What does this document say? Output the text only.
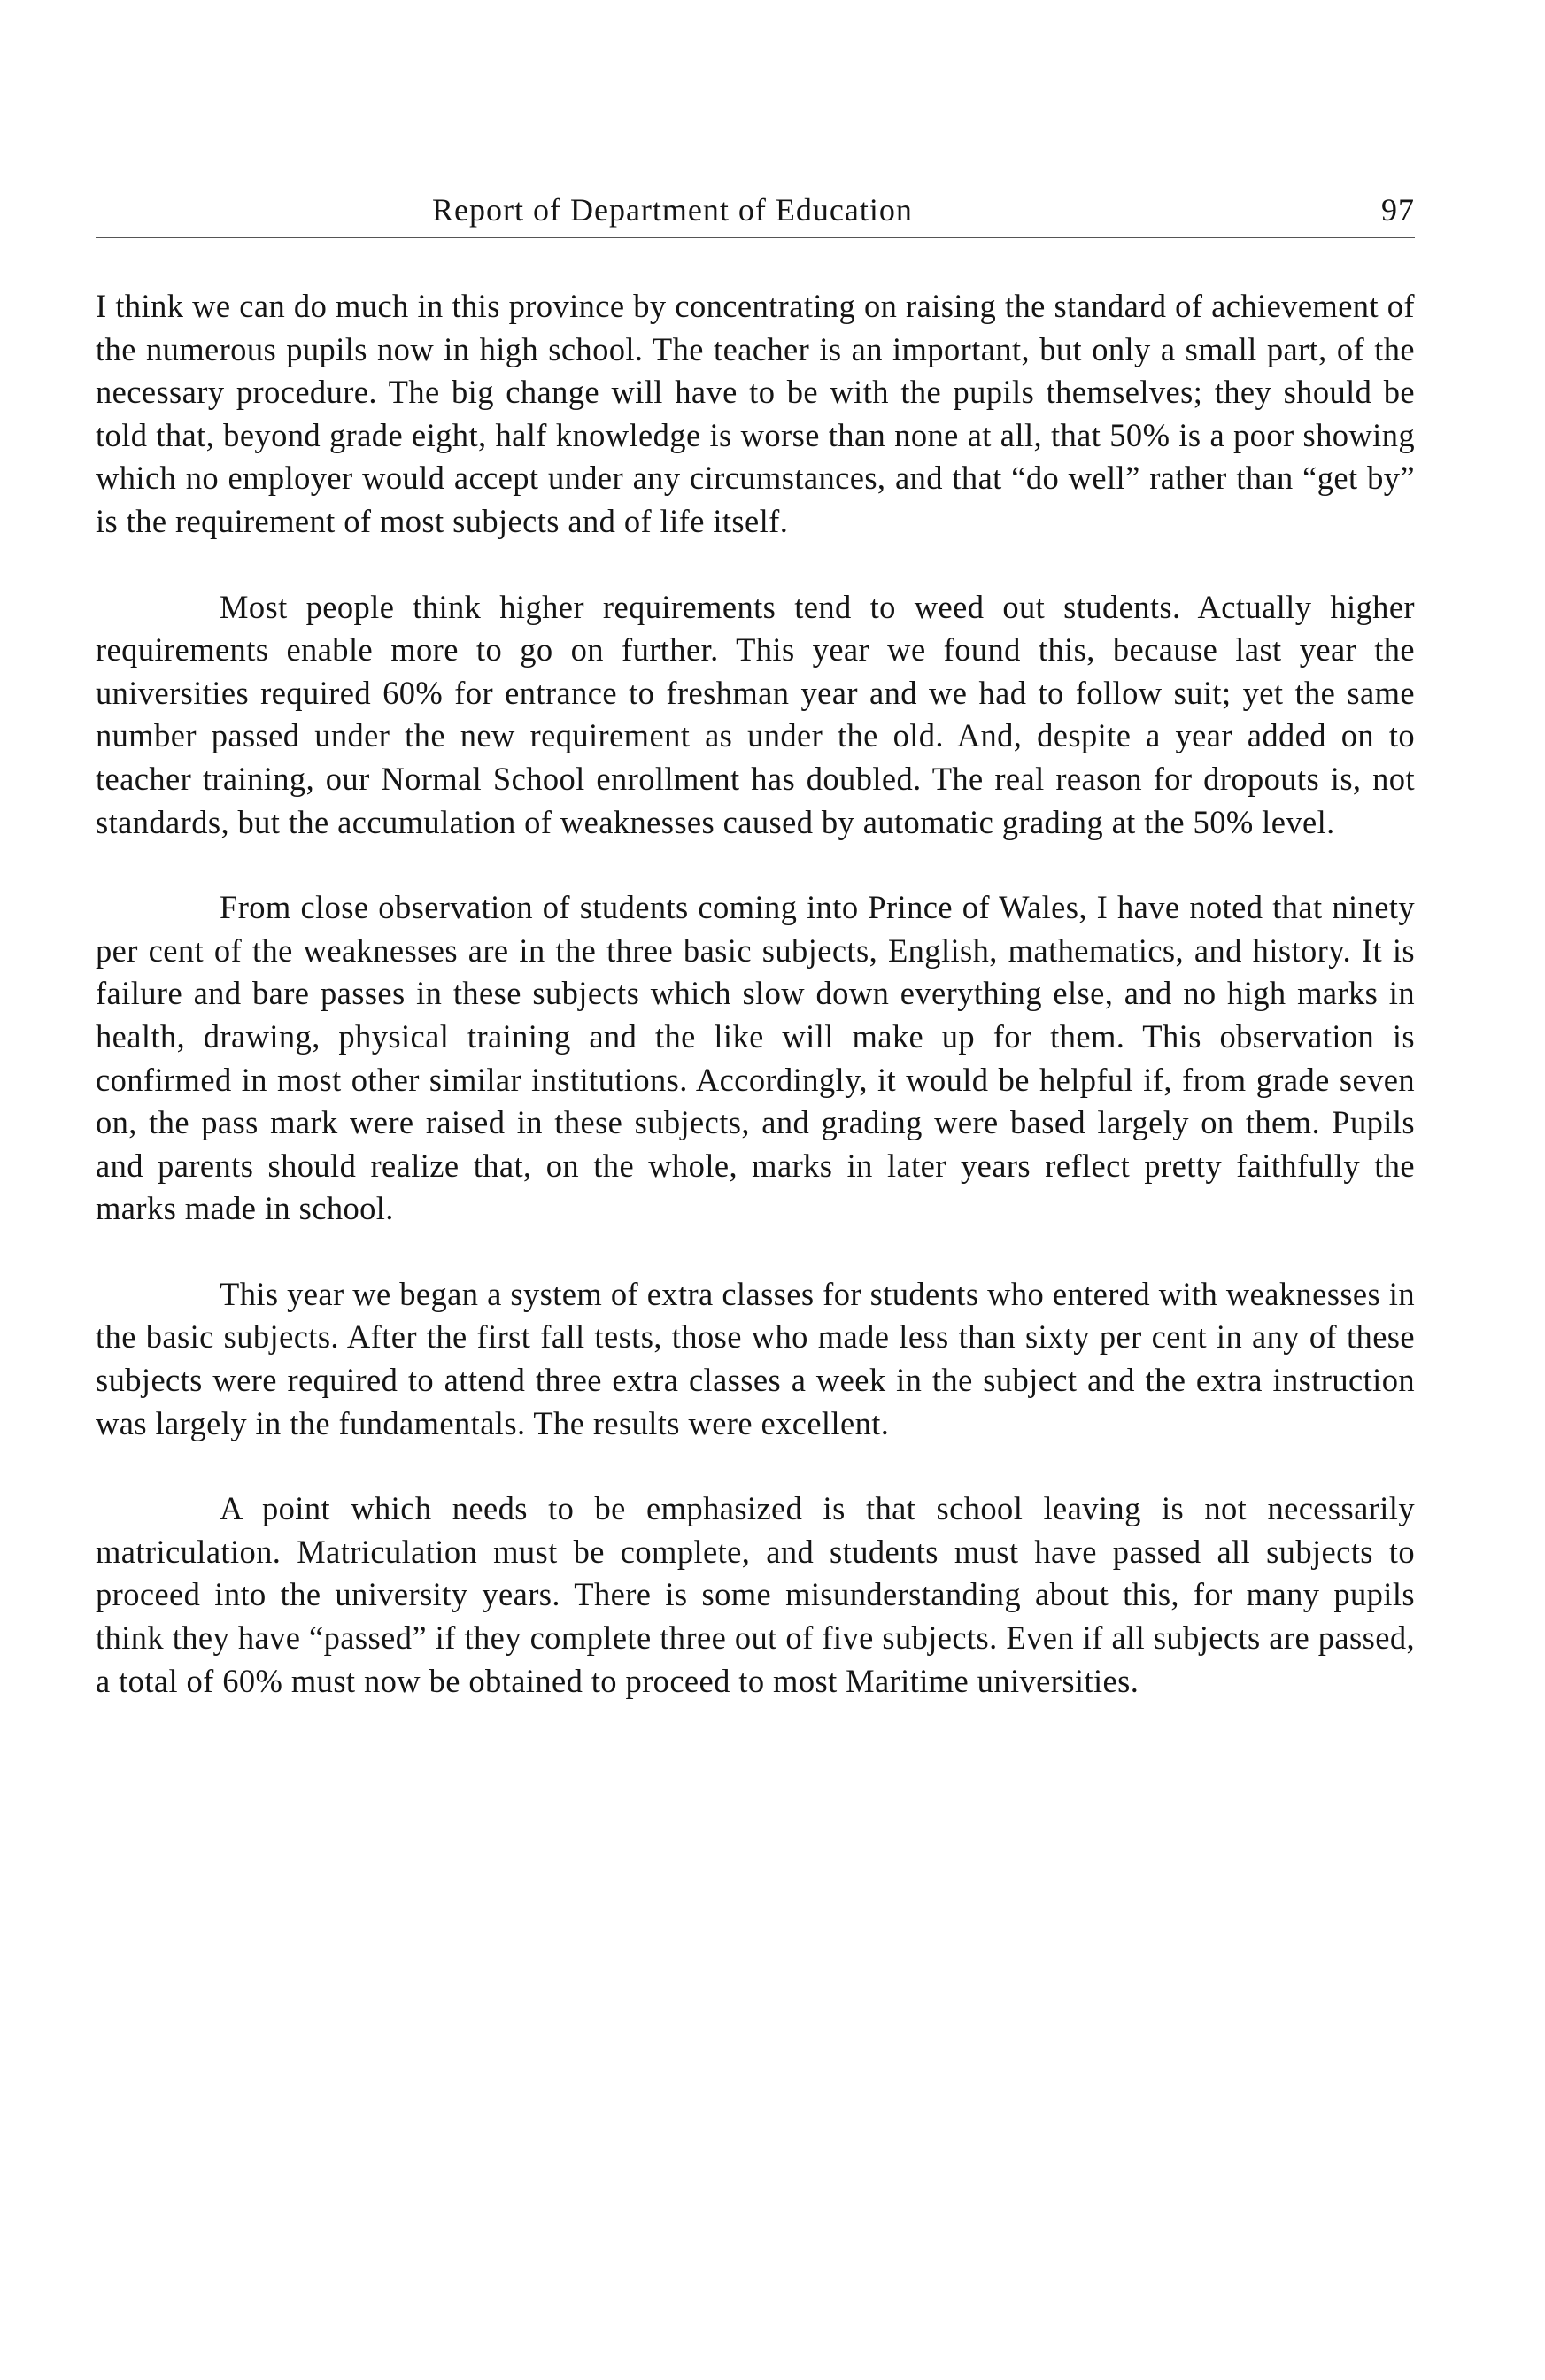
Report of Department of Education	97

I think we can do much in this province by concentrating on raising the standard of achievement of the numerous pupils now in high school. The teacher is an important, but only a small part, of the necessary procedure. The big change will have to be with the pupils themselves; they should be told that, beyond grade eight, half knowledge is worse than none at all, that 50% is a poor showing which no employer would accept under any circumstances, and that “do well” rather than “get by” is the requirement of most subjects and of life itself.

Most people think higher requirements tend to weed out students. Actually higher requirements enable more to go on further. This year we found this, because last year the universities required 60% for entrance to freshman year and we had to follow suit; yet the same number passed under the new requirement as under the old. And, despite a year added on to teacher training, our Normal School enrollment has doubled. The real reason for dropouts is, not standards, but the accumulation of weaknesses caused by automatic grading at the 50% level.

From close observation of students coming into Prince of Wales, I have noted that ninety per cent of the weaknesses are in the three basic subjects, English, mathematics, and history. It is failure and bare passes in these subjects which slow down everything else, and no high marks in health, drawing, physical training and the like will make up for them. This observation is confirmed in most other similar institutions. Accordingly, it would be helpful if, from grade seven on, the pass mark were raised in these subjects, and grading were based largely on them. Pupils and parents should realize that, on the whole, marks in later years reflect pretty faithfully the marks made in school.

This year we began a system of extra classes for students who entered with weaknesses in the basic subjects. After the first fall tests, those who made less than sixty per cent in any of these subjects were required to attend three extra classes a week in the subject and the extra instruction was largely in the fundamentals. The results were excellent.

A point which needs to be emphasized is that school leaving is not necessarily matriculation. Matriculation must be complete, and students must have passed all subjects to proceed into the university years. There is some misunderstanding about this, for many pupils think they have “passed” if they complete three out of five subjects. Even if all subjects are passed, a total of 60% must now be obtained to proceed to most Maritime universities.
